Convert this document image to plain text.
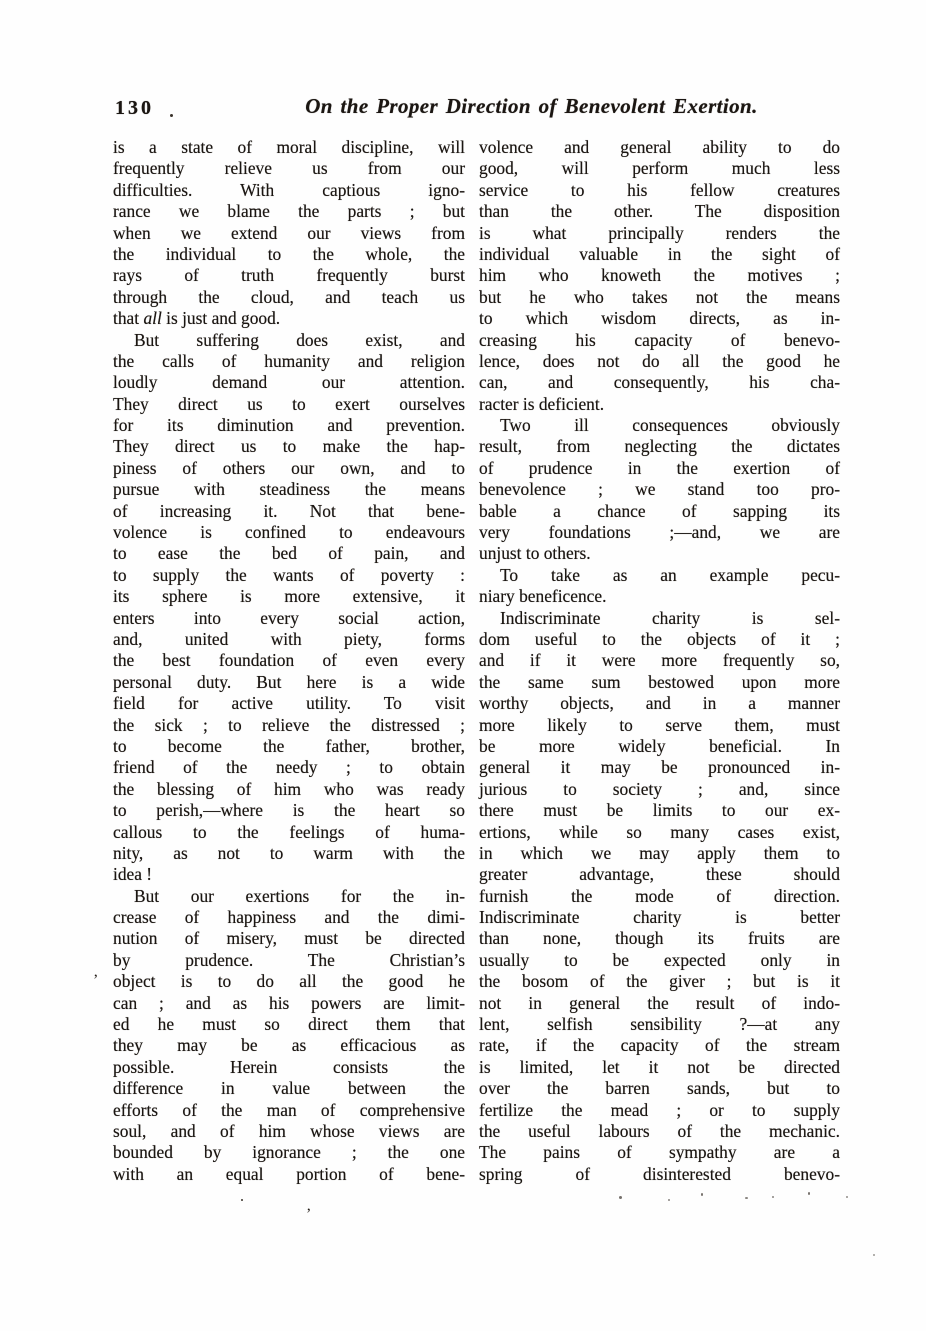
130	On the Proper Direction of Benevolent Exertion.
is a state of moral discipline, will
frequently relieve us from our
difficulties. With captious igno-
rance we blame the parts ; but
when we extend our views from
the individual to the whole, the
rays of truth frequently burst
through the cloud, and teach us
that all is just and good.
But suffering does exist, and
the calls of humanity and religion
loudly demand our attention.
They direct us to exert ourselves
for its diminution and prevention.
They direct us to make the hap-
piness of others our own, and to
pursue with steadiness the means
of increasing it. Not that bene-
volence is confined to endeavours
to ease the bed of pain, and
to supply the wants of poverty :
its sphere is more extensive, it
enters into every social action,
and, united with piety, forms
the best foundation of even every
personal duty. But here is a wide
field for active utility. To visit
the sick ; to relieve the distressed ;
to become the father, brother,
friend of the needy ; to obtain
the blessing of him who was ready
to perish,—where is the heart so
callous to the feelings of huma-
nity, as not to warm with the
idea !
But our exertions for the in-
crease of happiness and the dimi-
nution of misery, must be directed
by prudence. The Christian’s
object is to do all the good he
can ; and as his powers are limit-
ed he must so direct them that
they may be as efficacious as
possible. Herein consists the
difference in value between the
efforts of the man of comprehensive
soul, and of him whose views are
bounded by ignorance ; the one
with an equal portion of bene-
volence and general ability to do
good, will perform much less
service to his fellow creatures
than the other. The disposition
is what principally renders the
individual valuable in the sight of
him who knoweth the motives ;
but he who takes not the means
to which wisdom directs, as in-
creasing his capacity of benevo-
lence, does not do all the good he
can, and consequently, his cha-
racter is deficient.
Two ill consequences obviously
result, from neglecting the dictates
of prudence in the exertion of
benevolence ; we stand too pro-
bable a chance of sapping its
very foundations ;—and, we are
unjust to others.
To take as an example pecu-
niary beneficence.
Indiscriminate charity is sel-
dom useful to the objects of it ;
and if it were more frequently so,
the same sum bestowed upon more
worthy objects, and in a manner
more likely to serve them, must
be more widely beneficial. In
general it may be pronounced in-
jurious to society ; and, since
there must be limits to our ex-
ertions, while so many cases exist,
in which we may apply them to
greater advantage, these should
furnish the mode of direction.
Indiscriminate charity is better
than none, though its fruits are
usually to be expected only in
the bosom of the giver ; but is it
not in general the result of indo-
lent, selfish sensibility ?—at any
rate, if the capacity of the stream
is limited, let it not be directed
over the barren sands, but to
fertilize the mead ; or to supply
the useful labours of the mechanic.
The pains of sympathy are a
spring of disinterested benevo-
’
’
